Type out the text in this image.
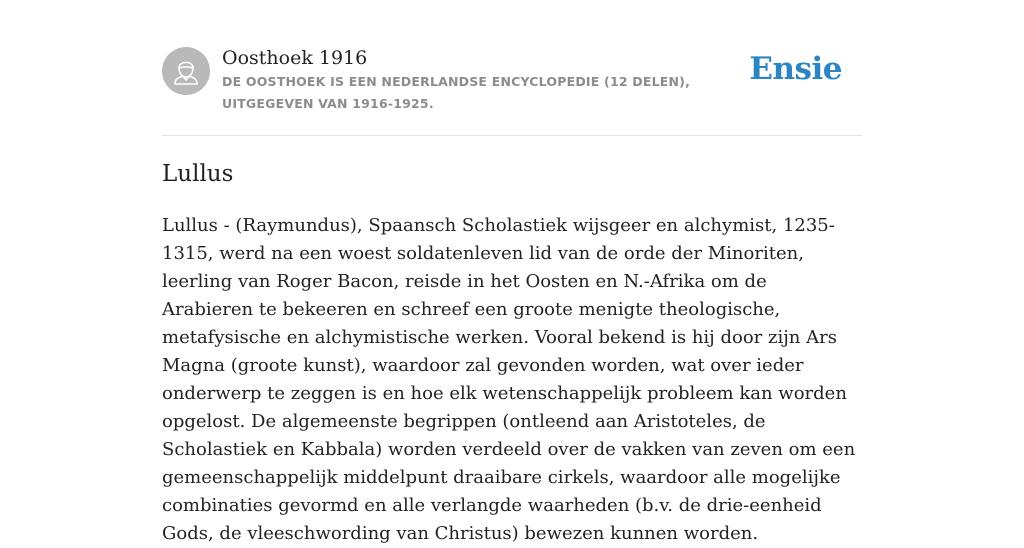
Oosthoek 1916
DE OOSTHOEK IS EEN NEDERLANDSE ENCYCLOPEDIE (12 DELEN), UITGEGEVEN VAN 1916-1925.
Ensie
Lullus

Lullus - (Raymundus), Spaansch Scholastiek wijsgeer en alchymist, 1235-1315, werd na een woest soldatenleven lid van de orde der Minoriten, leerling van Roger Bacon, reisde in het Oosten en N.-Afrika om de Arabieren te bekeeren en schreef een groote menigte theologische, metafysische en alchymistische werken. Vooral bekend is hij door zijn Ars Magna (groote kunst), waardoor zal gevonden worden, wat over ieder onderwerp te zeggen is en hoe elk wetenschappelijk probleem kan worden opgelost. De algemeenste begrippen (ontleend aan Aristoteles, de Scholastiek en Kabbala) worden verdeeld over de vakken van zeven om een gemeenschappelijk middelpunt draaibare cirkels, waardoor alle mogelijke combinaties gevormd en alle verlangde waarheden (b.v. de drie-eenheid Gods, de vleeschwording van Christus) bewezen kunnen worden.
